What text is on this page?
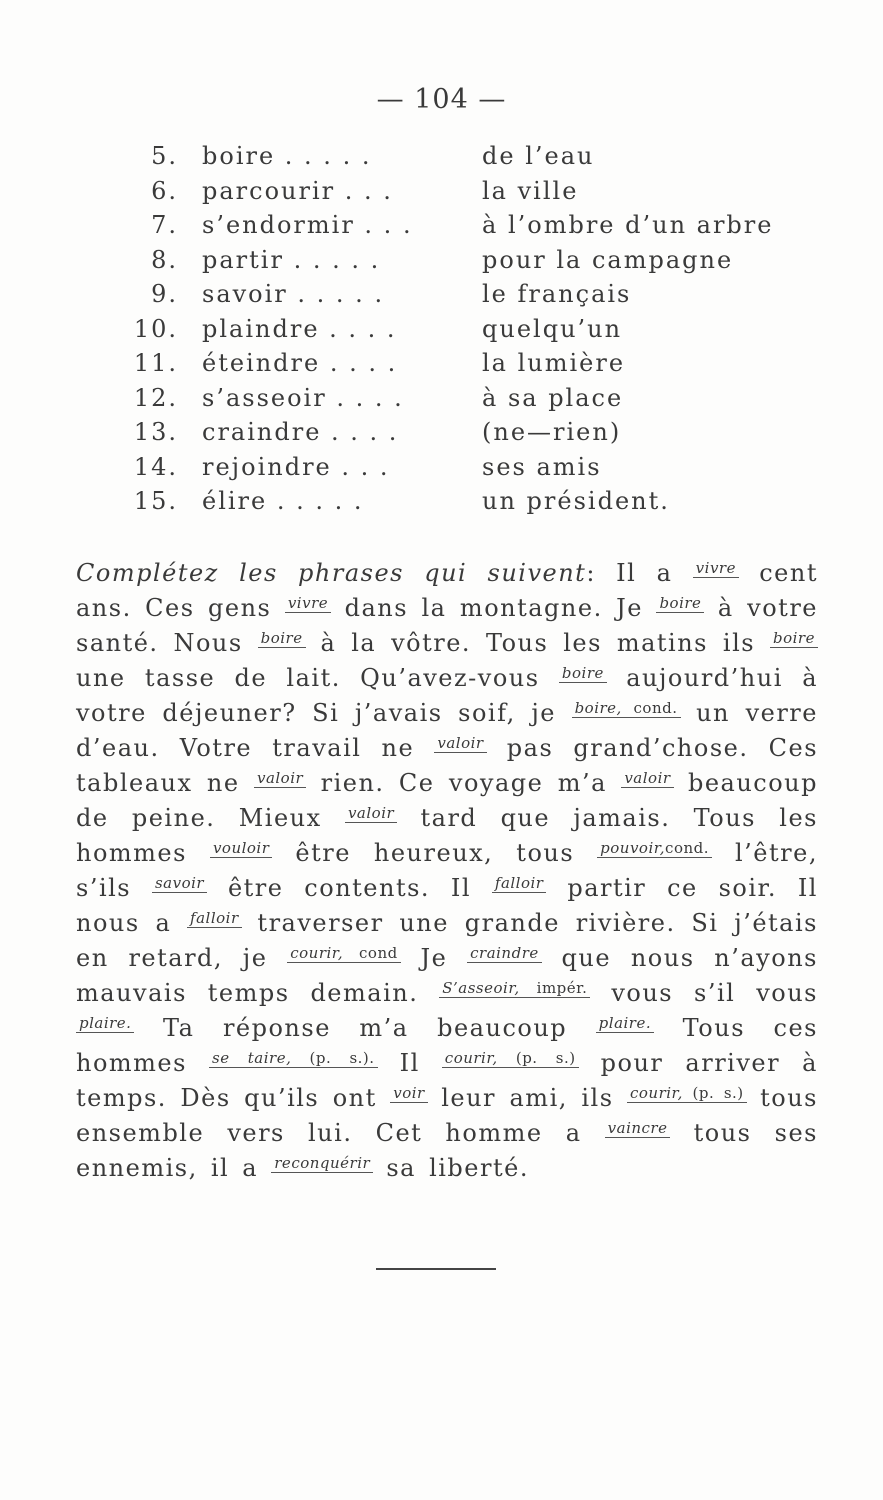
— 104 —
5. boire . . . . .	de l’eau
6. parcourir . . .	la ville
7. s’endormir . . .	à l’ombre d’un arbre
8. partir . . . . .	pour la campagne
9. savoir . . . . .	le français
10. plaindre . . . .	quelqu’un
11. éteindre . . . .	la lumière
12. s’asseoir . . . .	à sa place
13. craindre . . . .	(ne—rien)
14. rejoindre . . .	ses amis
15. élire . . . . .	un président.
Complétez les phrases qui suivent: Il a $^{vivre}$ cent ans. Ces gens $^{vivre}$ dans la montagne. Je $^{boire}$ à votre santé. Nous $^{boire}$ à la vôtre. Tous les matins ils $^{boire}$ une tasse de lait. Qu’avez-vous $^{boire}$ aujourd’hui à votre déjeuner? Si j’avais soif, je $^{boire, cond.}$ un verre d’eau. Votre travail ne $^{valoir}$ pas grand’chose. Ces tableaux ne $^{valoir}$ rien. Ce voyage m’a $^{valoir}$ beaucoup de peine. Mieux $^{valoir}$ tard que jamais. Tous les hommes $^{vouloir}$ être heureux, tous $^{pouvoir,cond.}$ l’être, s’ils $^{savoir}$ être contents. Il $^{falloir}$ partir ce soir. Il nous a $^{falloir}$ traverser une grande rivière. Si j’étais en retard, je $^{courir, cond}$ Je $^{craindre}$ que nous n’ayons mauvais temps demain. $^{S’asseoir, impér.}$ vous s’il vous $^{plaire.}$ Ta réponse m’a beaucoup $^{plaire.}$ Tous ces hommes $^{se taire, (p. s.).}$ Il $^{courir, (p. s.)}$ pour arriver à temps. Dès qu’ils ont $^{voir}$ leur ami, ils $^{courir, (p. s.)}$ tous ensemble vers lui. Cet homme a $^{vaincre}$ tous ses ennemis, il a $^{reconquérir}$ sa liberté.
